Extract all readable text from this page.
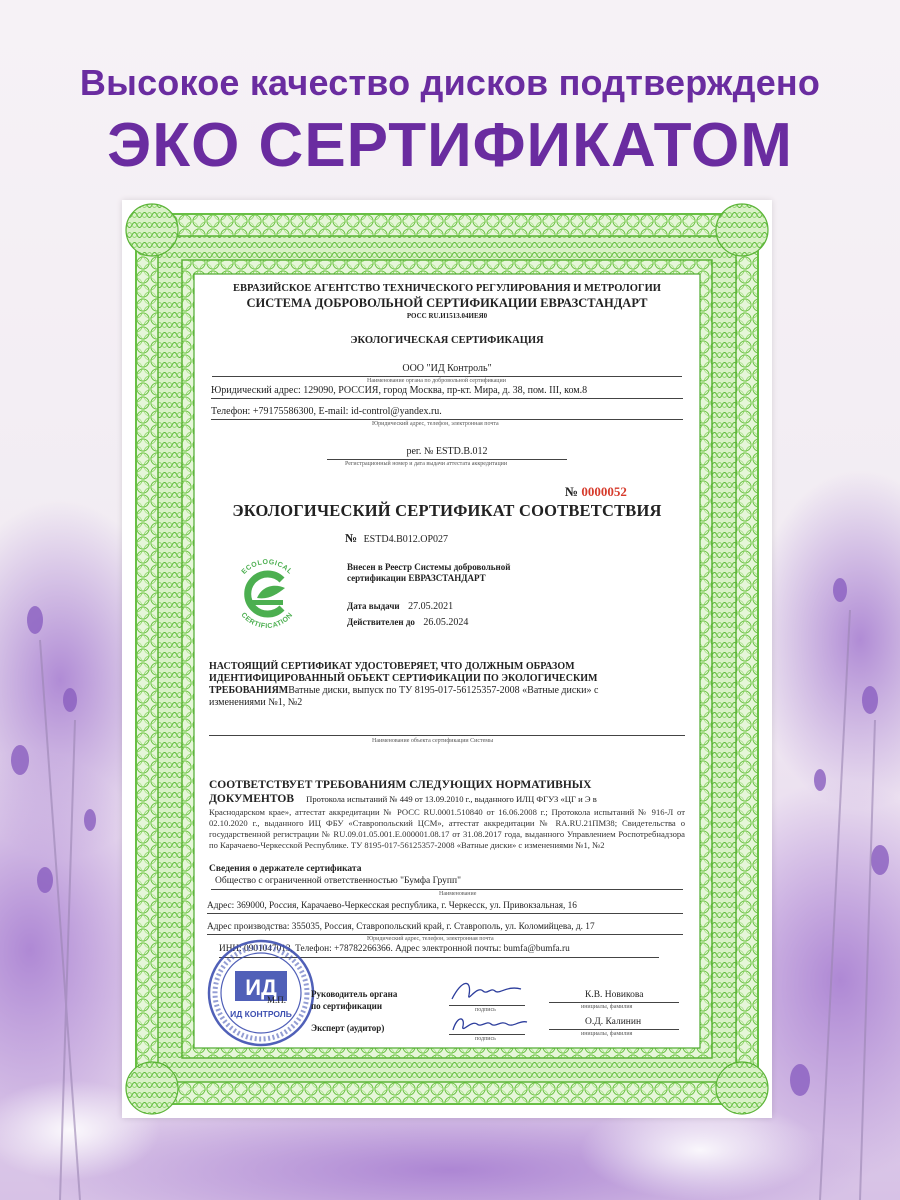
Высокое качество дисков подтверждено
ЭКО СЕРТИФИКАТОМ
ЕВРАЗИЙСКОЕ АГЕНТСТВО ТЕХНИЧЕСКОГО РЕГУЛИРОВАНИЯ И МЕТРОЛОГИИ
СИСТЕМА ДОБРОВОЛЬНОЙ СЕРТИФИКАЦИИ ЕВРАЗСТАНДАРТ
РОСС RU.И1513.04ИЕЯ0
ЭКОЛОГИЧЕСКАЯ СЕРТИФИКАЦИЯ
ООО "ИД Контроль"
Наименование органа по добровольной сертификации
Юридический адрес: 129090, РОССИЯ, город Москва, пр-кт. Мира, д. 38, пом. III, ком.8
Телефон: +79175586300, E-mail: id-control@yandex.ru.
Юридический адрес, телефон, электронная почта
рег. № ESTD.B.012
Регистрационный номер и дата выдачи аттестата аккредитации
№ 0000052
ЭКОЛОГИЧЕСКИЙ СЕРТИФИКАТ СООТВЕТСТВИЯ
№ ESTD4.B012.OP027
ECOLOGICAL
CERTIFICATION
Внесен в Реестр Системы добровольной
сертификации ЕВРАЗСТАНДАРТ
Дата выдачи 27.05.2021
Действителен до 26.05.2024
НАСТОЯЩИЙ СЕРТИФИКАТ УДОСТОВЕРЯЕТ, ЧТО ДОЛЖНЫМ ОБРАЗОМ
ИДЕНТИФИЦИРОВАННЫЙ ОБЪЕКТ СЕРТИФИКАЦИИ ПО ЭКОЛОГИЧЕСКИМ
ТРЕБОВАНИЯМВатные диски, выпуск по ТУ 8195-017-56125357-2008 «Ватные диски» с
изменениями №1, №2
Наименование объекта сертификации Системы
СООТВЕТСТВУЕТ ТРЕБОВАНИЯМ СЛЕДУЮЩИХ НОРМАТИВНЫХ
ДОКУМЕНТОВ Протокола испытаний № 449 от 13.09.2010 г., выданного ИЛЦ ФГУЗ «ЦГ и Э в
Краснодарском крае», аттестат аккредитации № РОСС RU.0001.510840 от 16.06.2008 г.; Протокола испытаний № 916-Л от 02.10.2020 г., выданного ИЦ ФБУ «Ставропольский ЦСМ», аттестат аккредитации № RA.RU.21ПМ38; Свидетельства о государственной регистрации № RU.09.01.05.001.Е.000001.08.17 от 31.08.2017 года, выданного Управлением Роспотребнадзора по Карачаево-Черкесской Республике. ТУ 8195-017-56125357-2008 «Ватные диски» с изменениями №1, №2
Сведения о держателе сертификата
Общество с ограниченной ответственностью "Бумфа Групп"
Наименование
Адрес: 369000, Россия, Карачаево-Черкесская республика, г. Черкесск, ул. Привокзальная, 16
Адрес производства: 355035, Россия, Ставропольский край, г. Ставрополь, ул. Коломийцева, д. 17
Юридический адрес, телефон, электронная почта
ИНН: 0901047013, Телефон: +78782266366. Адрес электронной почты: bumfa@bumfa.ru
ИД
ИД КОНТРОЛЬ
М.П.
Руководитель органа
по сертификации	подпись
К.В. Новикова
инициалы, фамилия
Эксперт (аудитор)
подпись
О.Д. Калинин
инициалы, фамилия
